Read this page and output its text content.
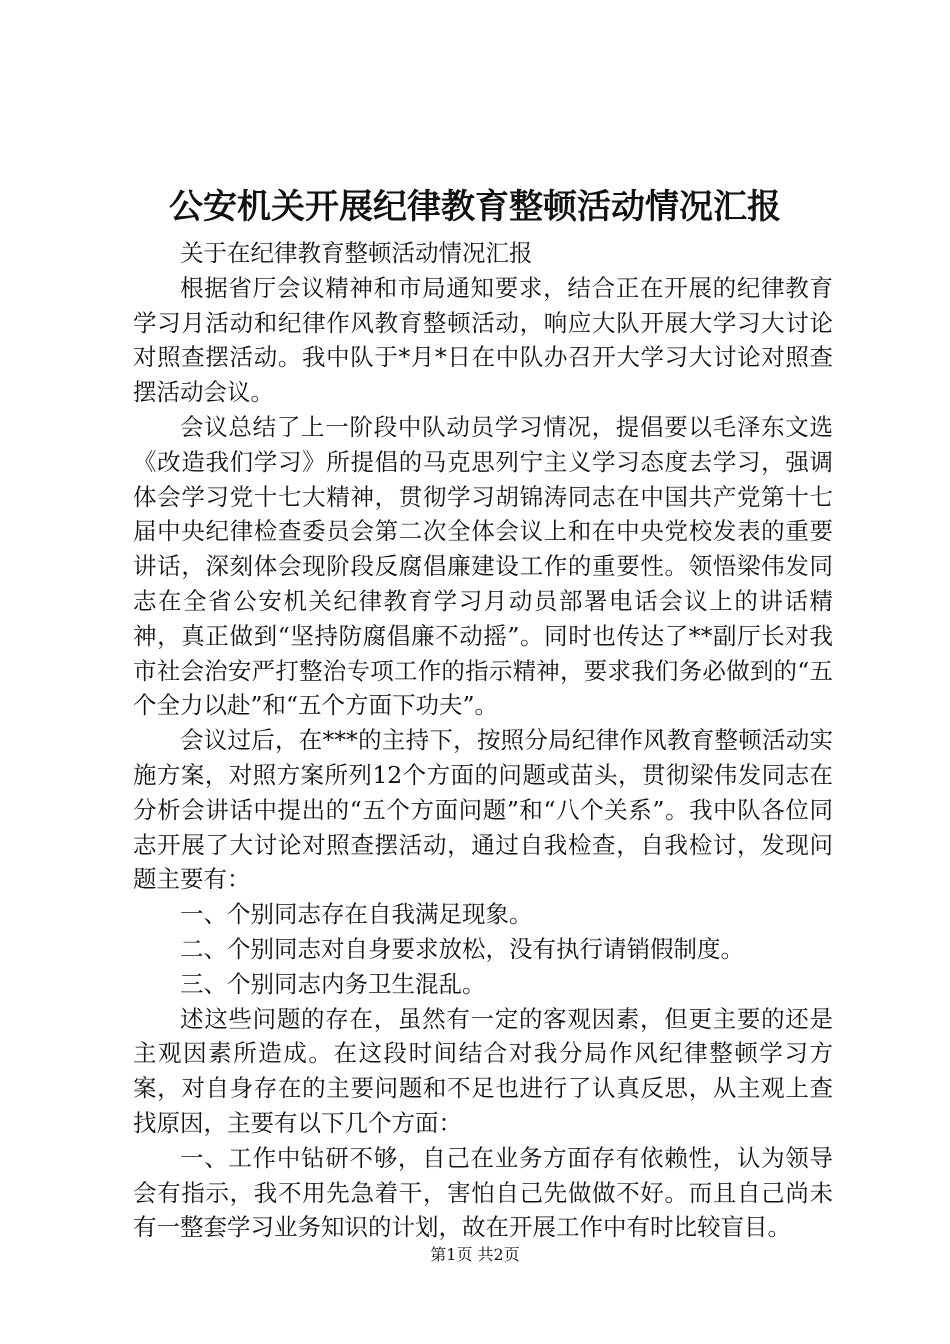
公安机关开展纪律教育整顿活动情况汇报

关于在纪律教育整顿活动情况汇报

根据省厅会议精神和市局通知要求，结合正在开展的纪律教育学习月活动和纪律作风教育整顿活动，响应大队开展大学习大讨论对照查摆活动。我中队于*月*日在中队办召开大学习大讨论对照查摆活动会议。

会议总结了上一阶段中队动员学习情况，提倡要以毛泽东文选《改造我们学习》所提倡的马克思列宁主义学习态度去学习，强调体会学习党十七大精神，贯彻学习胡锦涛同志在中国共产党第十七届中央纪律检查委员会第二次全体会议上和在中央党校发表的重要讲话，深刻体会现阶段反腐倡廉建设工作的重要性。领悟梁伟发同志在全省公安机关纪律教育学习月动员部署电话会议上的讲话精神，真正做到“坚持防腐倡廉不动摇”。同时也传达了**副厅长对我市社会治安严打整治专项工作的指示精神，要求我们务必做到的“五个全力以赴”和“五个方面下功夫”。

会议过后，在***的主持下，按照分局纪律作风教育整顿活动实施方案，对照方案所列12个方面的问题或苗头，贯彻梁伟发同志在分析会讲话中提出的“五个方面问题”和“八个关系”。我中队各位同志开展了大讨论对照查摆活动，通过自我检查，自我检讨，发现问题主要有：

一、个别同志存在自我满足现象。

二、个别同志对自身要求放松，没有执行请销假制度。

三、个别同志内务卫生混乱。

述这些问题的存在，虽然有一定的客观因素，但更主要的还是主观因素所造成。在这段时间结合对我分局作风纪律整顿学习方案，对自身存在的主要问题和不足也进行了认真反思，从主观上查找原因，主要有以下几个方面：

一、工作中钻研不够，自己在业务方面存有依赖性，认为领导会有指示，我不用先急着干，害怕自己先做做不好。而且自己尚未有一整套学习业务知识的计划，故在开展工作中有时比较盲目。

第1页 共2页
